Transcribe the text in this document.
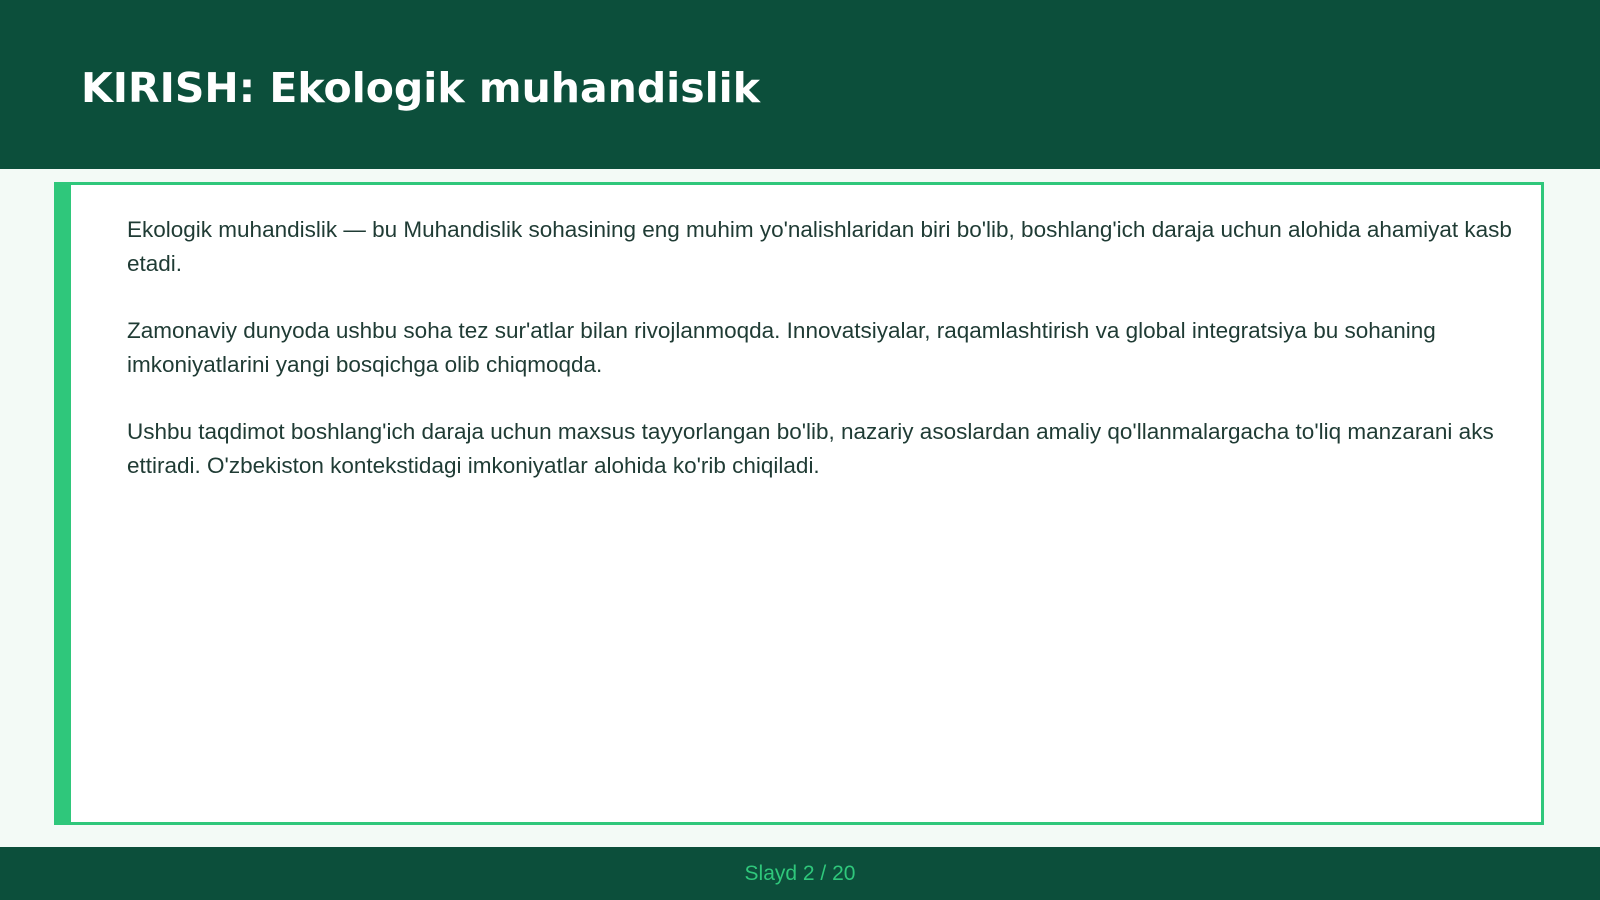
KIRISH: Ekologik muhandislik

Ekologik muhandislik — bu Muhandislik sohasining eng muhim yo'nalishlaridan biri bo'lib, boshlang'ich daraja uchun alohida ahamiyat kasb etadi.

Zamonaviy dunyoda ushbu soha tez sur'atlar bilan rivojlanmoqda. Innovatsiyalar, raqamlashtirish va global integratsiya bu sohaning imkoniyatlarini yangi bosqichga olib chiqmoqda.

Ushbu taqdimot boshlang'ich daraja uchun maxsus tayyorlangan bo'lib, nazariy asoslardan amaliy qo'llanmalargacha to'liq manzarani aks ettiradi. O'zbekiston kontekstidagi imkoniyatlar alohida ko'rib chiqiladi.

Slayd 2 / 20
